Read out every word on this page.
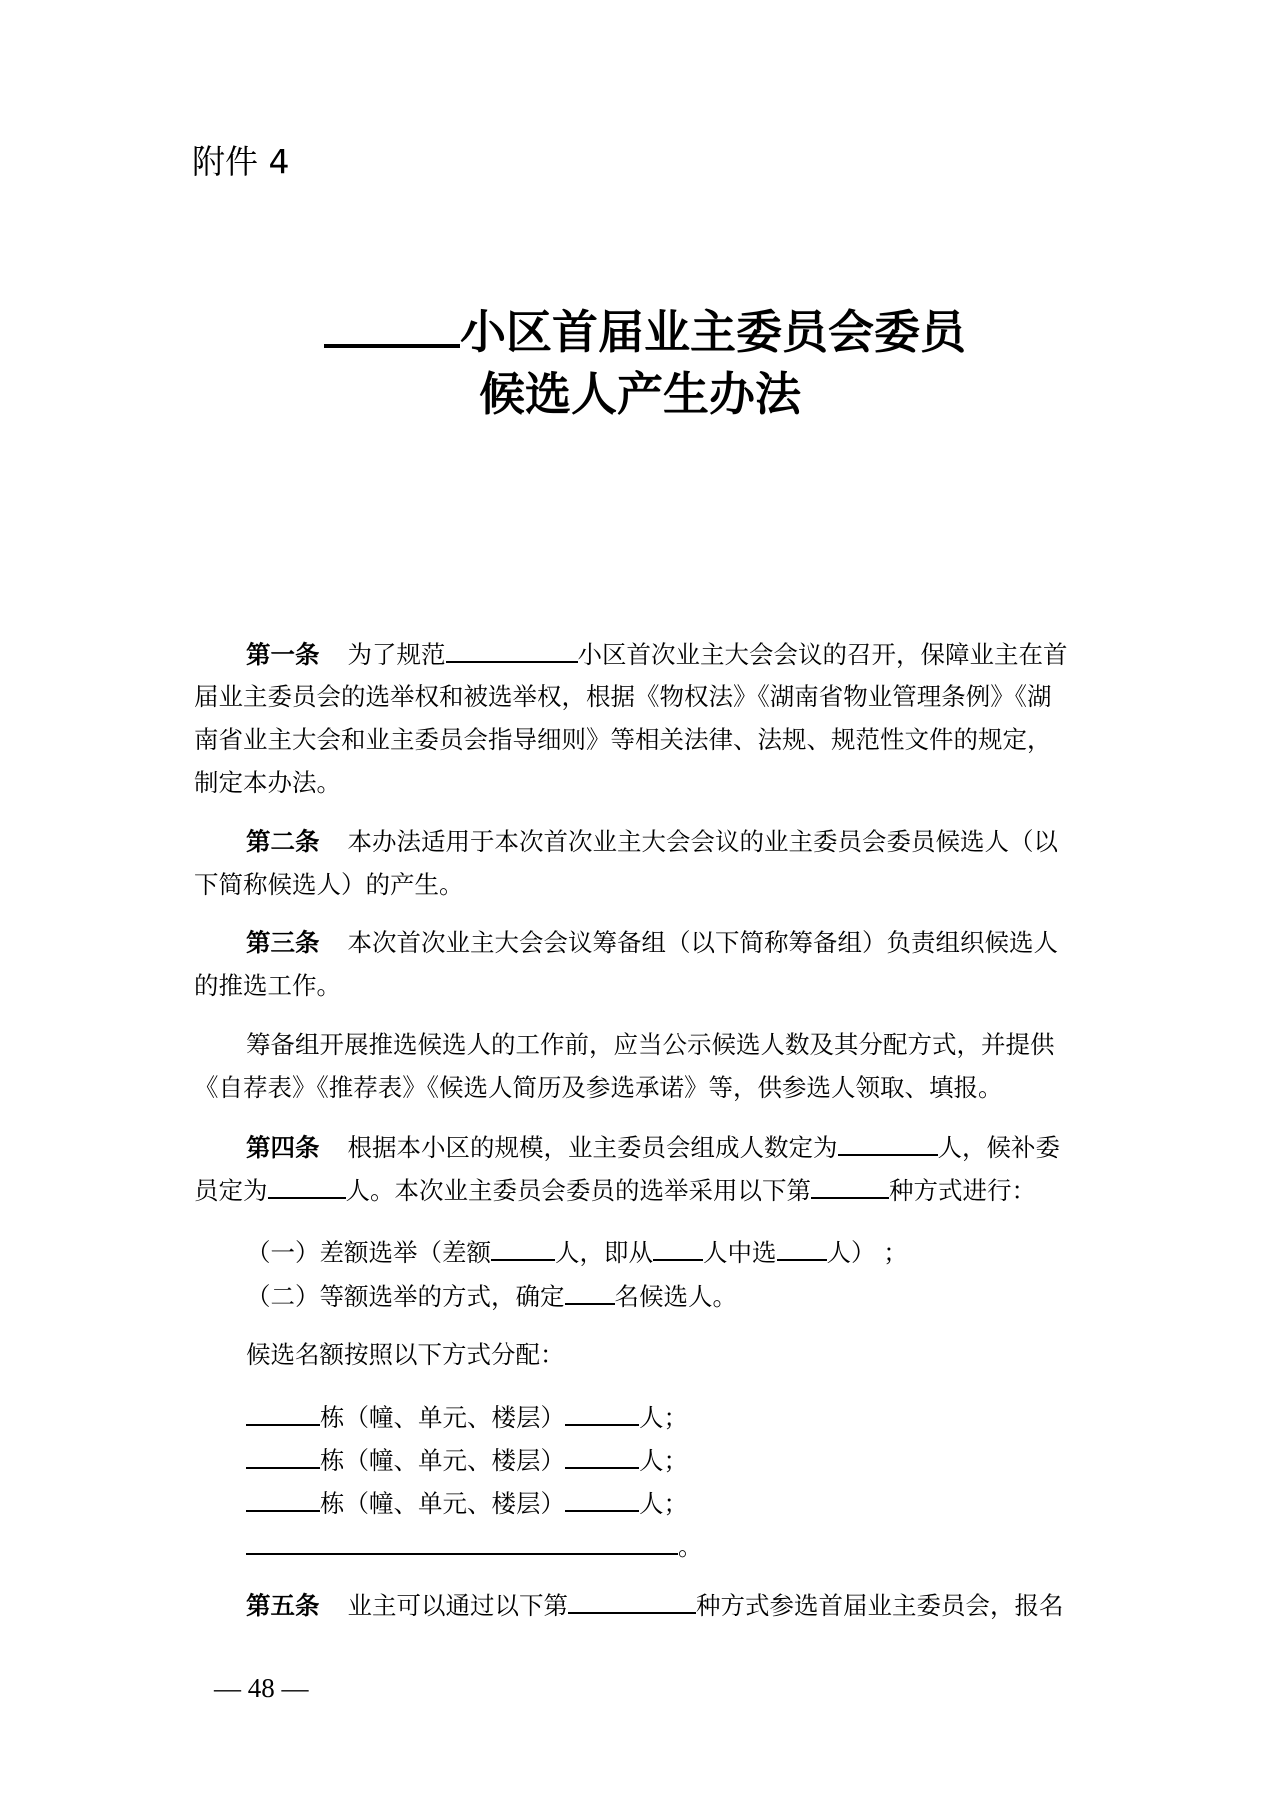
附件 4
小区首届业主委员会委员
候选人产生办法
第一条 为了规范	小区首次业主大会会议的召开，保障业主在首
届业主委员会的选举权和被选举权，根据《物权法》《湖南省物业管理条例》《湖
南省业主大会和业主委员会指导细则》等相关法律、法规、规范性文件的规定，
制定本办法。
第二条 本办法适用于本次首次业主大会会议的业主委员会委员候选人（以
下简称候选人）的产生。
第三条 本次首次业主大会会议筹备组（以下简称筹备组）负责组织候选人
的推选工作。
筹备组开展推选候选人的工作前，应当公示候选人数及其分配方式，并提供
《自荐表》《推荐表》《候选人简历及参选承诺》等，供参选人领取、填报。
第四条 根据本小区的规模，业主委员会组成人数定为	人，候补委
员定为	人。本次业主委员会委员的选举采用以下第	种方式进行：
（一）差额选举（差额	人，即从 人中选 人） ；
（二）等额选举的方式，确定 名候选人。
候选名额按照以下方式分配：
栋（幢、单元、楼层）	人；
栋（幢、单元、楼层）	人；
栋（幢、单元、楼层）	人；
。
第五条 业主可以通过以下第	种方式参选首届业主委员会，报名
— 48 —
